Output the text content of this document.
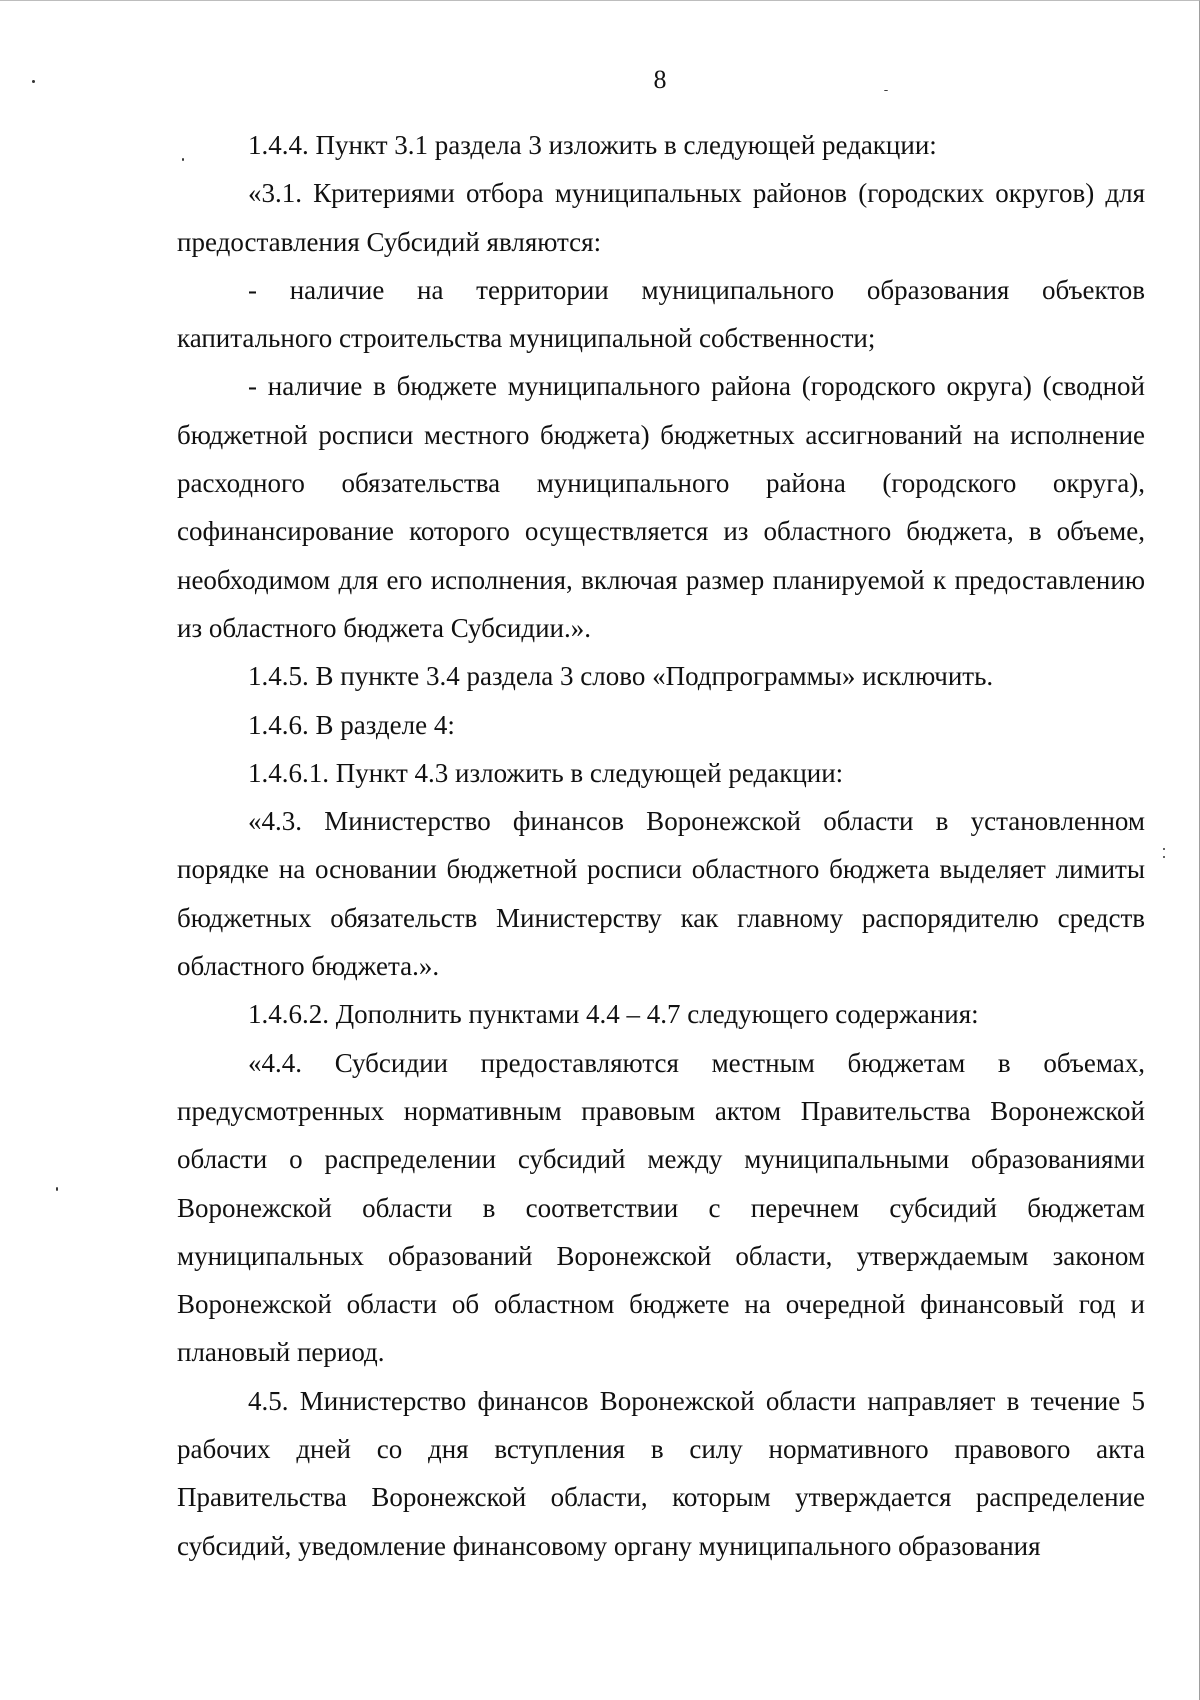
8

1.4.4. Пункт 3.1 раздела 3 изложить в следующей редакции:

«3.1. Критериями отбора муниципальных районов (городских округов) для предоставления Субсидий являются:

- наличие на территории муниципального образования объектов капитального строительства муниципальной собственности;

- наличие в бюджете муниципального района (городского округа) (сводной бюджетной росписи местного бюджета) бюджетных ассигнований на исполнение расходного обязательства муниципального района (городского округа), софинансирование которого осуществляется из областного бюджета, в объеме, необходимом для его исполнения, включая размер планируемой к предоставлению из областного бюджета Субсидии.».

1.4.5. В пункте 3.4 раздела 3 слово «Подпрограммы» исключить.

1.4.6. В разделе 4:

1.4.6.1. Пункт 4.3 изложить в следующей редакции:

«4.3. Министерство финансов Воронежской области в установленном порядке на основании бюджетной росписи областного бюджета выделяет лимиты бюджетных обязательств Министерству как главному распорядителю средств областного бюджета.».

1.4.6.2. Дополнить пунктами 4.4 – 4.7 следующего содержания:

«4.4. Субсидии предоставляются местным бюджетам в объемах, предусмотренных нормативным правовым актом Правительства Воронежской области о распределении субсидий между муниципальными образованиями Воронежской области в соответствии с перечнем субсидий бюджетам муниципальных образований Воронежской области, утверждаемым законом Воронежской области об областном бюджете на очередной финансовый год и плановый период.

4.5. Министерство финансов Воронежской области направляет в течение 5 рабочих дней со дня вступления в силу нормативного правового акта Правительства Воронежской области, которым утверждается распределение субсидий, уведомление финансовому органу муниципального образования
